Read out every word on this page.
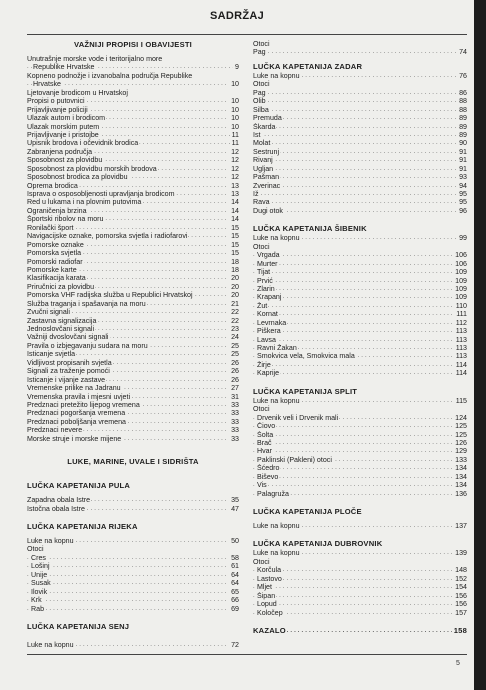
SADRŽAJ
VAŽNIJI PROPISI I OBAVIJESTI
Unutrašnje morske vode i teritorijalno more
. . . Republike Hrvatske	9
Kopneno podnožje i izvanobalna područja Republike
. . . Hrvatske	10
Ljetovanje brodicom u Hrvatskoj
. . . Propisi o putovnici	10
. . . Prijavljivanje policiji	10
. . . Ulazak autom i brodicom	10
. . . Ulazak morskim putem	10
. . . Prijavljivanje i pristojbe	11
. . . Upisnik brodova i očevidnik brodica	11
. . . Zabranjena područja	12
. . . Sposobnost za plovidbu	12
. . . Sposobnost za plovidbu morskih brodova	12
. . . Sposobnost brodica za plovidbu	12
. . . Oprema brodica	13
. . . Isprava o osposobljenosti upravljanja brodicom	13
. . . Red u lukama i na plovnim putovima	14
. . . Ograničenja brzina	14
. . . Športski ribolov na moru	14
. . . Ronilački šport	15
. . . Navigacijske oznake, pomorska svjetla i radiofarovi	15
. . . Pomorske oznake	15
. . . Pomorska svjetla	15
. . . Pomorski radiofar	18
. . . Pomorske karte	18
. . . Klasifikacija karata	20
. . . Priručnici za plovidbu	20
. . . Pomorska VHF radijska služba u Republici Hrvatskoj	20
. . . Služba traganja i spašavanja na moru	21
. . . Zvučni signali	22
. . . Zastavna signalizacija	22
. . . Jednoslovčani signali	23
. . . Važniji dvoslovčani signali	24
. . . Pravila o izbjegavanju sudara na moru	25
. . . Isticanje svjetla	25
. . . Vidljivost propisanih svjetla	26
. . . Signali za traženje pomoći	26
. . . Isticanje i vijanje zastave	26
. . . Vremenske prilike na Jadranu	27
. . . Vremenska pravila i mjesni uvjeti	31
. . . Predznaci pretežito lijepog vremena	33
. . . Predznaci pogoršanja vremena	33
. . . Predznaci poboljšanja vremena	33
. . . Predznaci nevere	33
. . . Morske struje i morske mijene	33
LUKE, MARINE, UVALE I SIDRIŠTA
LUČKA KAPETANIJA PULA
. . . Zapadna obala Istre	35
. . . Istočna obala Istre	47
LUČKA KAPETANIJA RIJEKA
. . . Luke na kopnu	50
Otoci
. . . Cres	58
. . . Lošinj	61
. . . Unije	64
. . . Susak	64
. . . Ilovik	65
. . . Krk	66
. . . Rab	69
LUČKA KAPETANIJA SENJ
. . . Luke na kopnu	72
Otoci
. . . Pag	74
LUČKA KAPETANIJA ZADAR
. . . Luke na kopnu	76
Otoci
. . . Pag	86
. . . Olib	88
. . . Silba	88
. . . Premuda	89
. . . Škarda	89
. . . Ist	89
. . . Molat	90
. . . Sestrunj	91
. . . Rivanj	91
. . . Ugljan	91
. . . Pašman	93
. . . Zverinac	94
. . . Iž	95
. . . Rava	95
. . . Dugi otok	96
LUČKA KAPETANIJA ŠIBENIK
. . . Luke na kopnu	99
Otoci
. . . Vrgada	106
. . . Murter	106
. . . Tijat	109
. . . Prvić	109
. . . Zlarin	109
. . . Krapanj	109
. . . Žut	110
. . . Kornat	111
. . . Levrnaka	112
. . . Piškera	113
. . . Lavsa	113
. . . Ravni Žakan	113
. . . Smokvica vela, Smokvica mala	113
. . . Žirje	114
. . . Kaprije	114
LUČKA KAPETANIJA SPLIT
. . . Luke na kopnu	115
Otoci
. . . Drvenik veli i Drvenik mali	124
. . . Čiovo	125
. . . Šolta	125
. . . Brač	126
. . . Hvar	129
. . . Paklinski (Pakleni) otoci	133
. . . Šćedro	134
. . . Biševo	134
. . . Vis	134
. . . Palagruža	136
LUČKA KAPETANIJA PLOČE
. . . Luke na kopnu	137
LUČKA KAPETANIJA DUBROVNIK
. . . Luke na kopnu	139
Otoci
. . . Korčula	148
. . . Lastovo	152
. . . Mljet	154
. . . Šipan	156
. . . Lopud	156
. . . Koločep	157
. . . KAZALO	158
5
